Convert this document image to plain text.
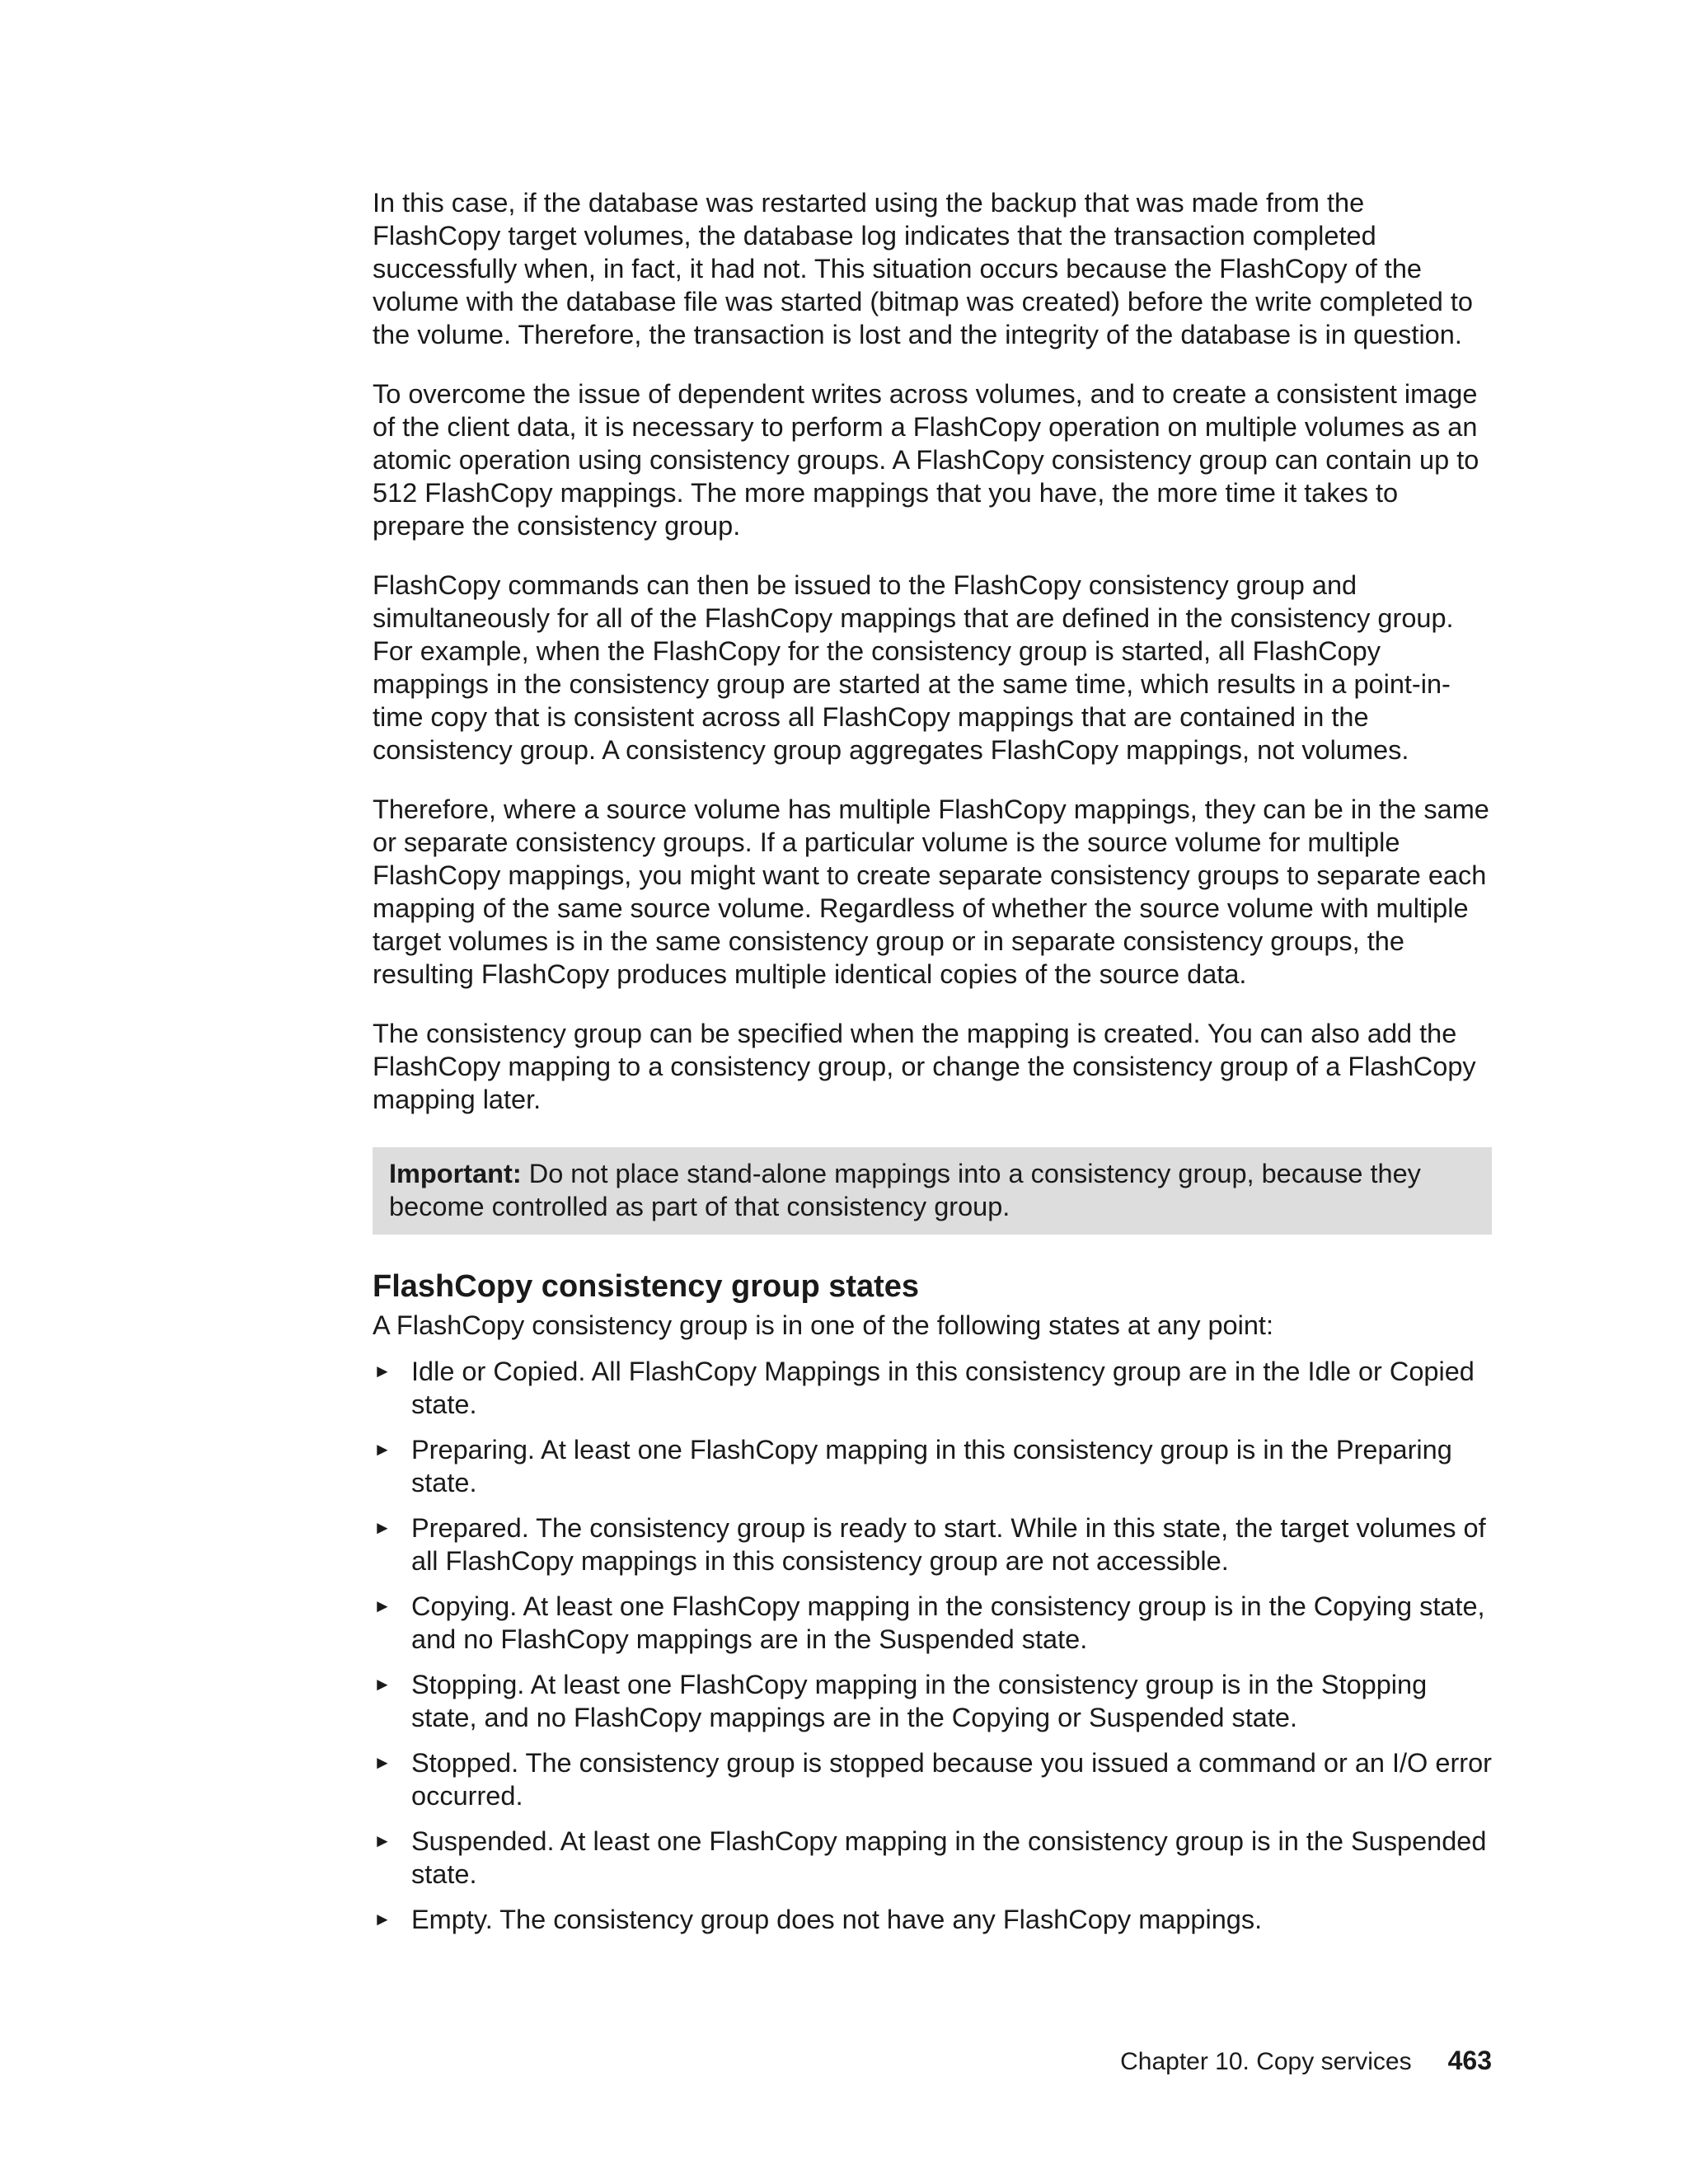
In this case, if the database was restarted using the backup that was made from the FlashCopy target volumes, the database log indicates that the transaction completed successfully when, in fact, it had not. This situation occurs because the FlashCopy of the volume with the database file was started (bitmap was created) before the write completed to the volume. Therefore, the transaction is lost and the integrity of the database is in question.

To overcome the issue of dependent writes across volumes, and to create a consistent image of the client data, it is necessary to perform a FlashCopy operation on multiple volumes as an atomic operation using consistency groups. A FlashCopy consistency group can contain up to 512 FlashCopy mappings. The more mappings that you have, the more time it takes to prepare the consistency group.

FlashCopy commands can then be issued to the FlashCopy consistency group and simultaneously for all of the FlashCopy mappings that are defined in the consistency group. For example, when the FlashCopy for the consistency group is started, all FlashCopy mappings in the consistency group are started at the same time, which results in a point-in-time copy that is consistent across all FlashCopy mappings that are contained in the consistency group. A consistency group aggregates FlashCopy mappings, not volumes.

Therefore, where a source volume has multiple FlashCopy mappings, they can be in the same or separate consistency groups. If a particular volume is the source volume for multiple FlashCopy mappings, you might want to create separate consistency groups to separate each mapping of the same source volume. Regardless of whether the source volume with multiple target volumes is in the same consistency group or in separate consistency groups, the resulting FlashCopy produces multiple identical copies of the source data.

The consistency group can be specified when the mapping is created. You can also add the FlashCopy mapping to a consistency group, or change the consistency group of a FlashCopy mapping later.

Important: Do not place stand-alone mappings into a consistency group, because they become controlled as part of that consistency group.
FlashCopy consistency group states

A FlashCopy consistency group is in one of the following states at any point:

► Idle or Copied. All FlashCopy Mappings in this consistency group are in the Idle or Copied state.
► Preparing. At least one FlashCopy mapping in this consistency group is in the Preparing state.
► Prepared. The consistency group is ready to start. While in this state, the target volumes of all FlashCopy mappings in this consistency group are not accessible.
► Copying. At least one FlashCopy mapping in the consistency group is in the Copying state, and no FlashCopy mappings are in the Suspended state.
► Stopping. At least one FlashCopy mapping in the consistency group is in the Stopping state, and no FlashCopy mappings are in the Copying or Suspended state.
► Stopped. The consistency group is stopped because you issued a command or an I/O error occurred.
► Suspended. At least one FlashCopy mapping in the consistency group is in the Suspended state.
► Empty. The consistency group does not have any FlashCopy mappings.
Chapter 10. Copy services 463
